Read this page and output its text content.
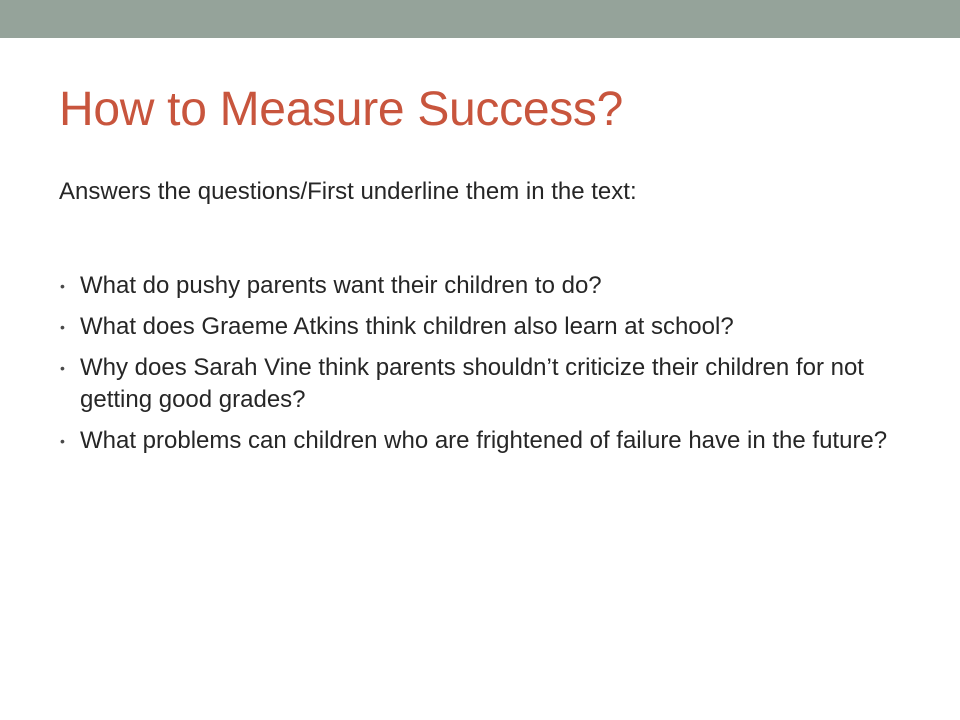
How to Measure Success?
Answers the questions/First underline them in the text:
• What do pushy parents want their children to do?
• What does Graeme Atkins think children also learn at school?
• Why does Sarah Vine think parents shouldn’t criticize their children for not getting good grades?
• What problems can children who are frightened of failure have in the future?
